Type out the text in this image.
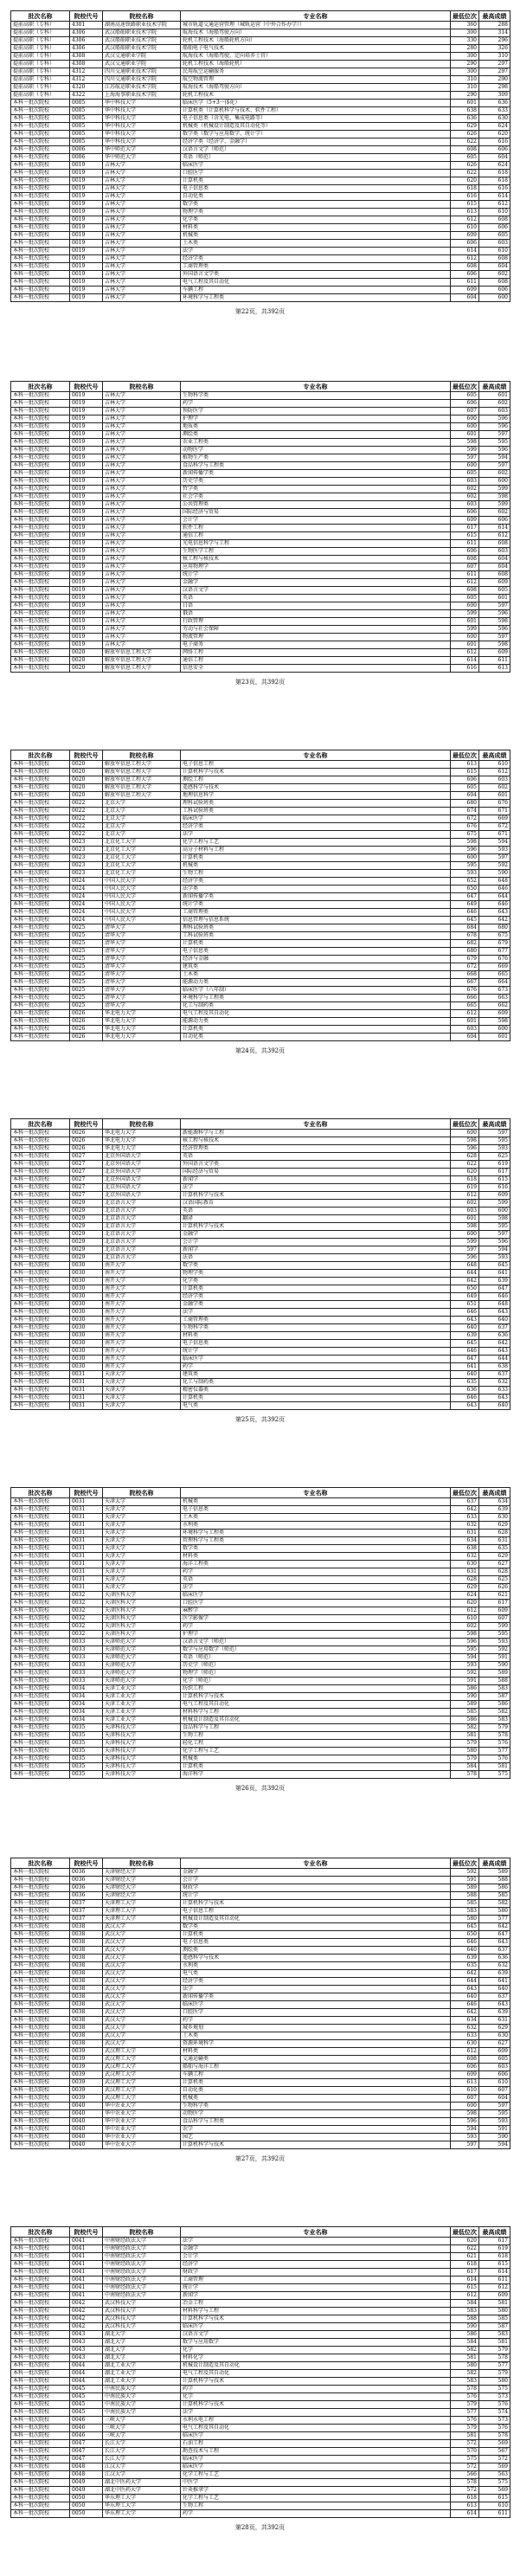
批次名称	院校代号	院校名称	专业名称	最低位次	最高成绩
提前高职（专科）	4301	湖南高速铁路职业技术学院	城市轨道交通运营管理（城轨运营（中外合作办学））	360	288
提前高职（专科）	4306	武汉船舶职业技术学院	航海技术（海船驾驶方向）	300	314
提前高职（专科）	4306	武汉船舶职业技术学院	轮机工程技术（海船轮机方向）	330	296
提前高职（专科）	4306	武汉船舶职业技术学院	船舶电子电气技术	280	326
提前高职（专科）	4308	武汉交通职业学院	航海技术（海船驾驶，定向培养士官）	300	310
提前高职（专科）	4308	武汉交通职业学院	轮机工程技术（海船轮机）	290	297
提前高职（专科）	4312	四川交通职业技术学院	民用航空运输服务	300	297
提前高职（专科）	4312	四川交通职业技术学院	航空物流管理	310	290
提前高职（专科）	4320	江苏航运职业技术学院	航海技术（海船驾驶方向）	310	298
提前高职（专科）	4322	上海海事职业技术学院	轮机工程技术	290	309
本科一批次院校	0005	华中科技大学	临床医学（5+3一体化）	601	636
本科一批次院校	0005	华中科技大学	计算机类（计算机科学与技术、软件工程）	638	633
本科一批次院校	0005	华中科技大学	电子信息类（含光电、集成电路等）	636	630
本科一批次院校	0005	华中科技大学	机械类（机械设计制造及其自动化等）	629	624
本科一批次院校	0005	华中科技大学	数学类（数学与应用数学、统计学）	626	620
本科一批次院校	0005	华中科技大学	经济学类（经济学、金融学）	622	616
本科一批次院校	0006	华中师范大学	汉语言文学（师范）	608	606
本科一批次院校	0006	华中师范大学	英语（师范）	605	604
本科一批次院校	0019	吉林大学	临床医学	626	624
本科一批次院校	0019	吉林大学	口腔医学	622	618
本科一批次院校	0019	吉林大学	计算机类	620	618
本科一批次院校	0019	吉林大学	电子信息类	618	616
本科一批次院校	0019	吉林大学	自动化类	616	614
本科一批次院校	0019	吉林大学	数学类	615	612
本科一批次院校	0019	吉林大学	物理学类	613	610
本科一批次院校	0019	吉林大学	化学类	612	608
本科一批次院校	0019	吉林大学	材料类	610	606
本科一批次院校	0019	吉林大学	机械类	609	605
本科一批次院校	0019	吉林大学	土木类	606	603
本科一批次院校	0019	吉林大学	法学	614	610
本科一批次院校	0019	吉林大学	经济学类	612	608
本科一批次院校	0019	吉林大学	工商管理类	608	604
本科一批次院校	0019	吉林大学	外国语言文学类	606	602
本科一批次院校	0019	吉林大学	电气工程及其自动化	611	608
本科一批次院校	0019	吉林大学	车辆工程	609	606
本科一批次院校	0019	吉林大学	环境科学与工程类	604	600
第22页，共392页
批次名称	院校代号	院校名称	专业名称	最低位次	最高成绩
本科一批次院校	0019	吉林大学	生物科学类	605	601
本科一批次院校	0019	吉林大学	药学	606	602
本科一批次院校	0019	吉林大学	预防医学	607	603
本科一批次院校	0019	吉林大学	护理学	600	596
本科一批次院校	0019	吉林大学	地质类	600	596
本科一批次院校	0019	吉林大学	测绘类	601	597
本科一批次院校	0019	吉林大学	农业工程类	598	595
本科一批次院校	0019	吉林大学	动物医学	599	596
本科一批次院校	0019	吉林大学	植物生产类	597	594
本科一批次院校	0019	吉林大学	食品科学与工程类	600	597
本科一批次院校	0019	吉林大学	新闻传播学类	605	602
本科一批次院校	0019	吉林大学	历史学类	603	600
本科一批次院校	0019	吉林大学	哲学类	602	599
本科一批次院校	0019	吉林大学	社会学类	602	598
本科一批次院校	0019	吉林大学	公共管理类	603	599
本科一批次院校	0019	吉林大学	国际经济与贸易	606	602
本科一批次院校	0019	吉林大学	会计学	609	606
本科一批次院校	0019	吉林大学	软件工程	617	614
本科一批次院校	0019	吉林大学	通信工程	615	612
本科一批次院校	0019	吉林大学	光电信息科学与工程	611	608
本科一批次院校	0019	吉林大学	生物医学工程	606	603
本科一批次院校	0019	吉林大学	核工程与核技术	608	604
本科一批次院校	0019	吉林大学	应用物理学	607	604
本科一批次院校	0019	吉林大学	统计学	611	608
本科一批次院校	0019	吉林大学	金融学	612	609
本科一批次院校	0019	吉林大学	汉语言文学	608	605
本科一批次院校	0019	吉林大学	英语	605	601
本科一批次院校	0019	吉林大学	日语	600	597
本科一批次院校	0019	吉林大学	俄语	599	596
本科一批次院校	0019	吉林大学	行政管理	601	598
本科一批次院校	0019	吉林大学	劳动与社会保障	599	596
本科一批次院校	0019	吉林大学	物流管理	600	597
本科一批次院校	0019	吉林大学	电子商务	601	598
本科一批次院校	0020	解放军信息工程大学	网络工程	612	609
本科一批次院校	0020	解放军信息工程大学	通信工程	614	611
本科一批次院校	0020	解放军信息工程大学	信息安全	616	613
第23页，共392页
批次名称	院校代号	院校名称	专业名称	最低位次	最高成绩
本科一批次院校	0020	解放军信息工程大学	电子信息工程	613	610
本科一批次院校	0020	解放军信息工程大学	计算机科学与技术	615	612
本科一批次院校	0020	解放军信息工程大学	测绘工程	606	603
本科一批次院校	0020	解放军信息工程大学	遥感科学与技术	605	602
本科一批次院校	0020	解放军信息工程大学	地理信息科学	604	601
本科一批次院校	0022	北京大学	理科试验班类	680	676
本科一批次院校	0022	北京大学	工科试验班类	674	671
本科一批次院校	0022	北京大学	临床医学	672	669
本科一批次院校	0022	北京大学	经济学类	676	672
本科一批次院校	0022	北京大学	法学	675	671
本科一批次院校	0023	北京化工大学	化学工程与工艺	598	594
本科一批次院校	0023	北京化工大学	高分子材料与工程	596	593
本科一批次院校	0023	北京化工大学	计算机类	600	597
本科一批次院校	0023	北京化工大学	机械类	595	592
本科一批次院校	0023	北京化工大学	生物工程	593	590
本科一批次院校	0024	中国人民大学	经济学类	652	648
本科一批次院校	0024	中国人民大学	法学类	650	646
本科一批次院校	0024	中国人民大学	新闻传播学类	647	644
本科一批次院校	0024	中国人民大学	统计学类	649	646
本科一批次院校	0024	中国人民大学	工商管理类	646	643
本科一批次院校	0024	中国人民大学	信息管理与信息系统	645	642
本科一批次院校	0025	清华大学	理科试验班类	684	680
本科一批次院校	0025	清华大学	工科试验班类	678	675
本科一批次院校	0025	清华大学	计算机类	682	679
本科一批次院校	0025	清华大学	电子信息类	680	677
本科一批次院校	0025	清华大学	经济与金融	679	676
本科一批次院校	0025	清华大学	建筑类	672	669
本科一批次院校	0025	清华大学	土木类	668	665
本科一批次院校	0025	清华大学	能源动力类	667	664
本科一批次院校	0025	清华大学	临床医学（八年制）	676	673
本科一批次院校	0025	清华大学	环境科学与工程类	666	663
本科一批次院校	0025	清华大学	化工与制药类	665	662
本科一批次院校	0026	华北电力大学	电气工程及其自动化	612	609
本科一批次院校	0026	华北电力大学	能源动力类	601	598
本科一批次院校	0026	华北电力大学	计算机类	603	600
本科一批次院校	0026	华北电力大学	自动化类	604	601
第24页，共392页
批次名称	院校代号	院校名称	专业名称	最低位次	最高成绩
本科一批次院校	0026	华北电力大学	新能源科学与工程	600	597
本科一批次院校	0026	华北电力大学	核工程与核技术	598	595
本科一批次院校	0026	华北电力大学	经济管理类	596	593
本科一批次院校	0027	北京外国语大学	英语	628	625
本科一批次院校	0027	北京外国语大学	外国语言文学类	622	619
本科一批次院校	0027	北京外国语大学	国际经济与贸易	620	617
本科一批次院校	0027	北京外国语大学	新闻学	618	615
本科一批次院校	0027	北京外国语大学	法学	619	616
本科一批次院校	0027	北京外国语大学	计算机科学与技术	612	609
本科一批次院校	0029	北京语言大学	汉语国际教育	602	599
本科一批次院校	0029	北京语言大学	英语	603	600
本科一批次院校	0029	北京语言大学	翻译	601	598
本科一批次院校	0029	北京语言大学	计算机科学与技术	598	595
本科一批次院校	0029	北京语言大学	金融学	600	597
本科一批次院校	0029	北京语言大学	会计学	599	596
本科一批次院校	0029	北京语言大学	新闻学	597	594
本科一批次院校	0029	北京语言大学	法语	596	593
本科一批次院校	0030	南开大学	数学类	648	645
本科一批次院校	0030	南开大学	物理学类	644	641
本科一批次院校	0030	南开大学	化学类	642	639
本科一批次院校	0030	南开大学	计算机类	650	647
本科一批次院校	0030	南开大学	经济学类	649	646
本科一批次院校	0030	南开大学	金融学类	651	648
本科一批次院校	0030	南开大学	法学	646	643
本科一批次院校	0030	南开大学	工商管理类	643	640
本科一批次院校	0030	南开大学	生物科学类	640	637
本科一批次院校	0030	南开大学	材料类	639	636
本科一批次院校	0030	南开大学	电子信息类	645	642
本科一批次院校	0030	南开大学	统计学	646	643
本科一批次院校	0030	南开大学	临床医学	647	644
本科一批次院校	0030	南开大学	药学	641	638
本科一批次院校	0031	天津大学	建筑类	640	637
本科一批次院校	0031	天津大学	化工与制药类	635	632
本科一批次院校	0031	天津大学	精密仪器类	636	633
本科一批次院校	0031	天津大学	计算机类	646	643
本科一批次院校	0031	天津大学	电气类	643	640
第25页，共392页
批次名称	院校代号	院校名称	专业名称	最低位次	最高成绩
本科一批次院校	0031	天津大学	机械类	637	634
本科一批次院校	0031	天津大学	电子信息类	642	639
本科一批次院校	0031	天津大学	土木类	633	630
本科一批次院校	0031	天津大学	水利类	632	629
本科一批次院校	0031	天津大学	环境科学与工程类	631	628
本科一批次院校	0031	天津大学	管理科学与工程类	634	631
本科一批次院校	0031	天津大学	数学类	638	635
本科一批次院校	0031	天津大学	材料类	632	629
本科一批次院校	0031	天津大学	海洋工程类	630	627
本科一批次院校	0031	天津大学	药学	631	628
本科一批次院校	0031	天津大学	英语	628	625
本科一批次院校	0031	天津大学	法学	629	626
本科一批次院校	0032	天津医科大学	临床医学	624	621
本科一批次院校	0032	天津医科大学	口腔医学	620	617
本科一批次院校	0032	天津医科大学	麻醉学	612	609
本科一批次院校	0032	天津医科大学	医学影像学	610	607
本科一批次院校	0032	天津医科大学	药学	602	599
本科一批次院校	0032	天津医科大学	护理学	598	595
本科一批次院校	0033	天津师范大学	汉语言文学（师范）	596	593
本科一批次院校	0033	天津师范大学	数学与应用数学（师范）	595	592
本科一批次院校	0033	天津师范大学	英语（师范）	594	591
本科一批次院校	0033	天津师范大学	历史学（师范）	593	590
本科一批次院校	0033	天津师范大学	物理学（师范）	592	589
本科一批次院校	0033	天津师范大学	化学（师范）	591	588
本科一批次院校	0034	天津工业大学	纺织工程	586	583
本科一批次院校	0034	天津工业大学	计算机科学与技术	590	587
本科一批次院校	0034	天津工业大学	电气工程及其自动化	589	586
本科一批次院校	0034	天津工业大学	材料科学与工程	585	582
本科一批次院校	0034	天津工业大学	机械设计制造及其自动化	586	583
本科一批次院校	0035	天津科技大学	食品科学与工程	582	579
本科一批次院校	0035	天津科技大学	生物工程	581	578
本科一批次院校	0035	天津科技大学	轻化工程	579	576
本科一批次院校	0035	天津科技大学	化学工程与工艺	580	577
本科一批次院校	0035	天津科技大学	机械类	579	576
本科一批次院校	0035	天津科技大学	计算机类	584	581
本科一批次院校	0035	天津科技大学	海洋科学	578	575
第26页，共392页
批次名称	院校代号	院校名称	专业名称	最低位次	最高成绩
本科一批次院校	0036	天津财经大学	金融学	592	589
本科一批次院校	0036	天津财经大学	会计学	591	588
本科一批次院校	0036	天津财经大学	财政学	589	586
本科一批次院校	0036	天津财经大学	统计学	588	585
本科一批次院校	0037	天津理工大学	计算机科学与技术	585	582
本科一批次院校	0037	天津理工大学	电子信息工程	583	580
本科一批次院校	0037	天津理工大学	机械设计制造及其自动化	580	577
本科一批次院校	0038	武汉大学	数学类	645	642
本科一批次院校	0038	武汉大学	计算机类	650	647
本科一批次院校	0038	武汉大学	电子信息类	646	643
本科一批次院校	0038	武汉大学	测绘类	640	637
本科一批次院校	0038	武汉大学	遥感科学与技术	639	636
本科一批次院校	0038	武汉大学	水利类	635	632
本科一批次院校	0038	武汉大学	电气类	642	639
本科一批次院校	0038	武汉大学	经济学类	644	641
本科一批次院校	0038	武汉大学	法学	643	640
本科一批次院校	0038	武汉大学	新闻传播学类	640	637
本科一批次院校	0038	武汉大学	临床医学	646	643
本科一批次院校	0038	武汉大学	口腔医学	642	639
本科一批次院校	0038	武汉大学	药学	634	631
本科一批次院校	0038	武汉大学	城乡规划	632	629
本科一批次院校	0038	武汉大学	土木类	633	630
本科一批次院校	0038	武汉大学	资源环境科学	630	627
本科一批次院校	0039	武汉理工大学	材料类	612	609
本科一批次院校	0039	武汉理工大学	交通运输类	608	605
本科一批次院校	0039	武汉理工大学	船舶与海洋工程	606	603
本科一批次院校	0039	武汉理工大学	车辆工程	609	606
本科一批次院校	0039	武汉理工大学	计算机类	613	610
本科一批次院校	0039	武汉理工大学	自动化类	610	607
本科一批次院校	0039	武汉理工大学	机械类	607	604
本科一批次院校	0040	华中农业大学	生物科学类	600	597
本科一批次院校	0040	华中农业大学	动物医学	598	595
本科一批次院校	0040	华中农业大学	食品科学与工程类	596	593
本科一批次院校	0040	华中农业大学	农学	594	591
本科一批次院校	0040	华中农业大学	园艺	593	590
本科一批次院校	0040	华中农业大学	计算机科学与技术	597	594
第27页，共392页
批次名称	院校代号	院校名称	专业名称	最低位次	最高成绩
本科一批次院校	0041	中南财经政法大学	法学	620	617
本科一批次院校	0041	中南财经政法大学	金融学	622	619
本科一批次院校	0041	中南财经政法大学	会计学	621	618
本科一批次院校	0041	中南财经政法大学	经济学	618	615
本科一批次院校	0041	中南财经政法大学	财政学	617	614
本科一批次院校	0041	中南财经政法大学	工商管理	614	611
本科一批次院校	0041	中南财经政法大学	统计学	615	612
本科一批次院校	0041	中南财经政法大学	新闻学	612	609
本科一批次院校	0042	武汉科技大学	冶金工程	584	581
本科一批次院校	0042	武汉科技大学	材料科学与工程	583	580
本科一批次院校	0042	武汉科技大学	计算机科学与技术	588	585
本科一批次院校	0042	武汉科技大学	临床医学	590	587
本科一批次院校	0043	湖北大学	汉语言文学	586	583
本科一批次院校	0043	湖北大学	数学与应用数学	584	581
本科一批次院校	0043	湖北大学	化学	582	579
本科一批次院校	0043	湖北大学	材料化学	581	578
本科一批次院校	0044	湖北工业大学	机械设计制造及其自动化	580	577
本科一批次院校	0044	湖北工业大学	电气工程及其自动化	582	579
本科一批次院校	0044	湖北工业大学	计算机科学与技术	583	580
本科一批次院校	0045	中南民族大学	药学	578	575
本科一批次院校	0045	中南民族大学	化学	576	573
本科一批次院校	0045	中南民族大学	计算机科学与技术	579	576
本科一批次院校	0045	中南民族大学	法学	577	574
本科一批次院校	0046	三峡大学	水利水电工程	576	573
本科一批次院校	0046	三峡大学	电气工程及其自动化	579	576
本科一批次院校	0046	三峡大学	临床医学	581	578
本科一批次院校	0047	长江大学	石油工程	572	569
本科一批次院校	0047	长江大学	勘查技术与工程	570	567
本科一批次院校	0047	长江大学	临床医学	575	572
本科一批次院校	0048	江汉大学	临床医学	572	569
本科一批次院校	0048	江汉大学	化学工程与工艺	566	563
本科一批次院校	0049	湖北中医药大学	中医学	578	575
本科一批次院校	0049	湖北中医药大学	针灸推拿学	572	569
本科一批次院校	0050	华东理工大学	化学工程与工艺	618	615
本科一批次院校	0050	华东理工大学	生物工程	613	610
本科一批次院校	0050	华东理工大学	药学	614	611
第28页，共392页
